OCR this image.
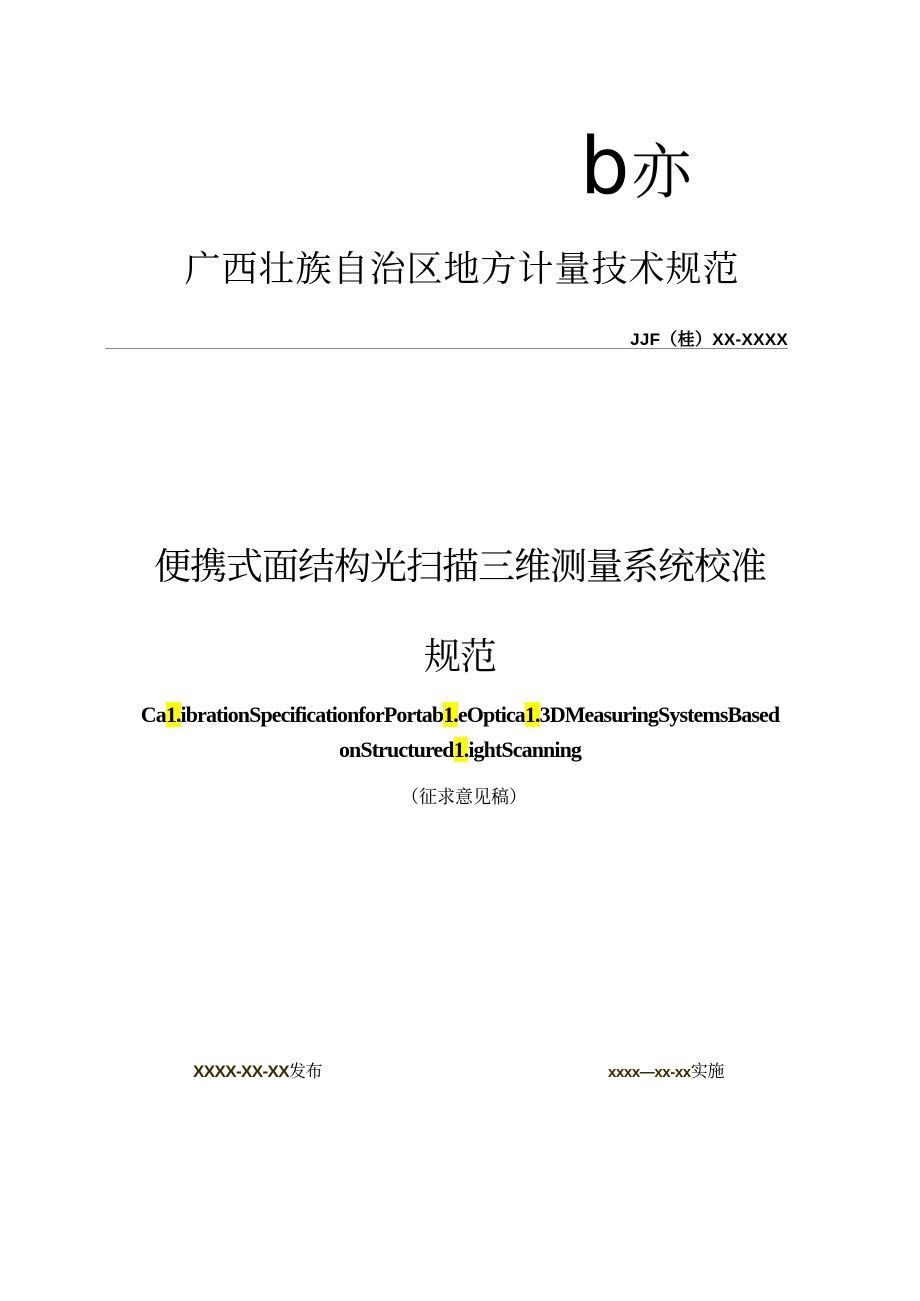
b亦
广西壮族自治区地方计量技术规范
JJF（桂）XX-XXXX
便携式面结构光扫描三维测量系统校准
规范
Ca1.ibrationSpecificationforPortab1.eOptica1.3DMeasuringSystemsBased
onStructured1.ightScanning
（征求意见稿）
XXXX-XX-XX发布	xxxx—xx-xx实施
